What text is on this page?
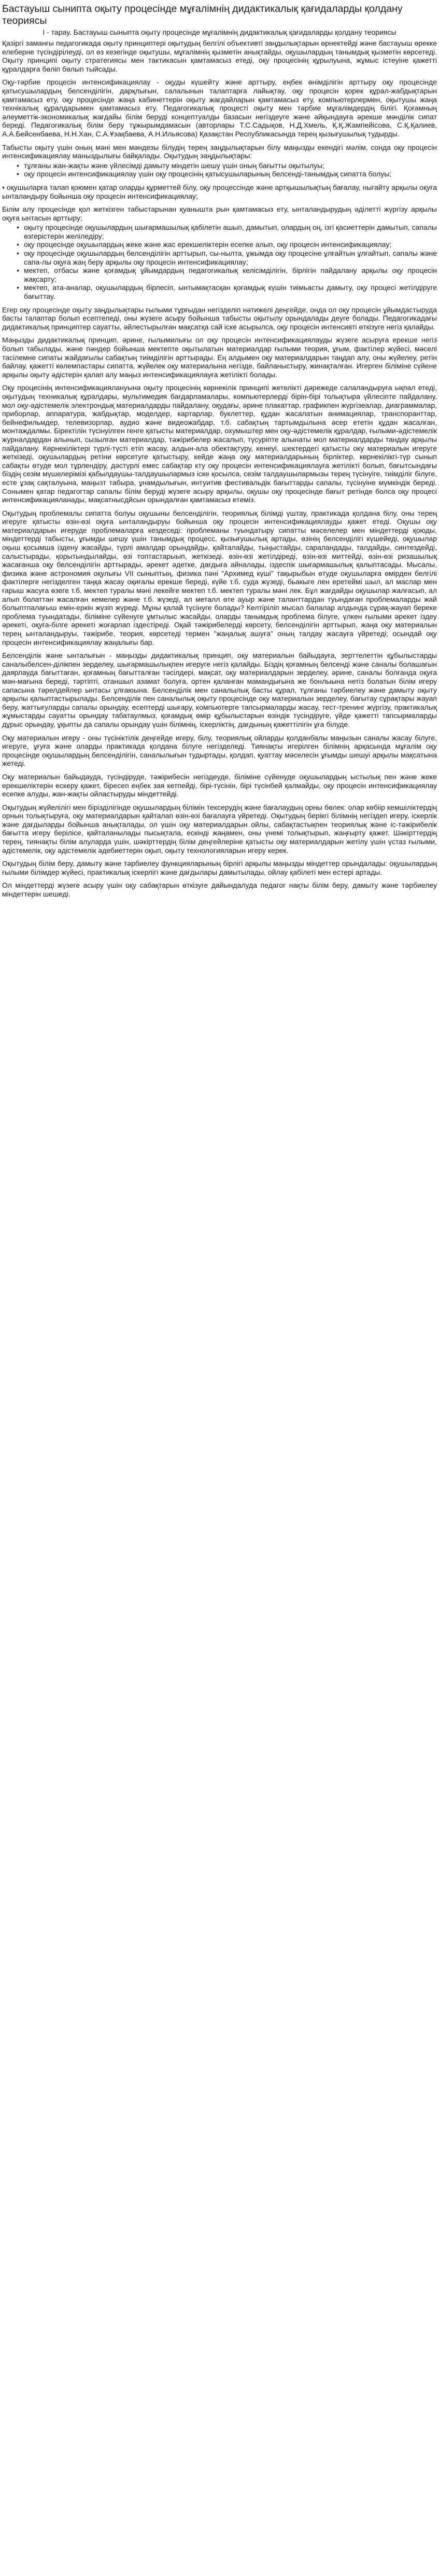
Бастауыш сынипта оқыту процесінде мұғалімнің дидактикалық қағидаларды қолдану теориясы
І - тарау. Бастауыш сыныпта оқыту процесінде мұғалімнің дидактикалық қағидаларды қолдану теориясы

Қазіргі заманғы педагогикада оқыту принциптері оқытудың белгілі объективті заңдылықтарын өрнектейді және бастауыш өрекке елеберне түсіндірілеуді, ол өз кезегінде оқытушы, мұғалімнің қызметін анықтайды, оқушылардың танымдық қызметін көрсетеді. Оқыту принципі оқыту стратегиясы мен тактикасын қамтамасыз етеді, оқу процесінің құрылуына, жұмыс істеуіне қажетті құралдарға бөліп бөлып тыйсады.

Оқу-тәрбие процесін интенсификациялау - оқуды күшейту және арттыру, еңбек өнімділігін арттыру оқу процесінде қатысушылардың белсенділігін, дарқлығын, салалынын талаптарға лайықтау, оқу процесін қорек құрал-жабдықтарын қамтамасыз ету, оқу процесінде жаңа кабинеттерін оқыту жағдайларын қамтамасыз ету, компьютерлермен, оқытушы жаңа технікалық құралдарымен қамтамасыз ету. Педагогикалық процесті оқыту мен тәрбие мұғалімдердің білігі. Қоғамның әлеуметтік-экономикалық жағдайы білім беруді концептуалды базасын негіздеуге және айқындауға әрекше мәнділік сипат береді. Педагогикалық білім беру тұжырымдамасын (авторлары Т.С.Садықов, Н.Д.Хмель, Қ.Қ.Жампейісова, С.Қ.Қалиев, А.А.Бейсенбаева, Н.Н.Хан, С.А.Ұзақбаева, А.Н.Ильясова) Қазақстан Республикасында терең қызығушылық тудырды.

Табысты оқыту үшін оның мәні мен мәндезы білудің терең заңдылықтарын білу маңызды екендігі мәлім, сонда оқу процесін интенсификациялау маныздылығы байқалады. Оқытудың заңдылықтары:

• тұлғаны жан-жақты және үйлесімді дамыту міндетін шешу үшін оның бағытты оқытылуы;
• оқу процесін интенсификациялау үшін оқу процесінің қатысушыларының белсенді-танымдық сипатта болуы;
• оқушыларға талап қоюмен қатар оларды құрметтей білу, оқу процессінде және артқышылықтың бағалау, ныгайту арқылы оқуға ынталандыру бойынша оқу процесін интенсификациялау;

Білім алу процесінде қол жеткізген табыстарынан қуанышта рын қамтамасыз ету, ынталандырудың әділетті жүргізу арқылы оқуға ынтасын арттыру;

• оқыту процесінде оқушылардың шығармашылық қабілетін ашып, дамытып, олардың оң, ізгі қасиеттерін дамытып, сапалы өзгерістерін желіледіру;
• оқу процесінде оқушылардың жеке және жас ерекшеліктерін есепке алып, оқу процесін интенсификациялау;
• оқу процесінде оқушылардың белсенділігін арттырып, сы-нылта, ұжымда оқу процесіне ұлғайтын ұлғайтып, сапалы және сапа-лы оқуға жаң беру арқылы оқу процесін интенсификациялау;
• мектеп, отбасы және қоғамдық ұйымдардың педагогикалық келісімділігін, бірлігін пайдалану арқылы оқу процесін жақсарту;
• мектеп, ата-аналар, оқушылардың бірлесіп, ынтымақтасқан қоғамдық күшін тиімьасты дамыту, оқу процесі жетілдіруге бағыттау.

Егер оқу процесінде оқыту заңдылықтары ғылыми тұрғыдан негізделіп нәтижелі деңгейде, онда ол оқу процесін ұйымдастыруда басты талаптар болып есептеледі, оны жүзеге асыру бойынша табысты оқытылу орындалады деуге болады. Педагогикадағы дидактикалық принциптер сауатты, әйлестырылған мақсатқа сай іске асырылса, оқу процесін интенсивті өткізуге негіз қалайды.

Маңызды дидактикалық принцип, әрине, ғылымилығы ол оқу процесін интенсификациялауды жүзеге асыруға ерекше негіз болып табылады, және пәндер бойынша мектепте оқытылатын материалдар ғылыми теория, ұғым, фактілер жүйесі, мәселі тасілемне сипаты жайдағылы сабақтың тиімділігін арттырады. Ең алдымен оқу материалдарын таңдап алу, оны жүйелеу, ретін байлау, қажетті көлемпастары сипатта, жүйелек оқу материалына негізде, байланыстыру, жинақталған. Игерген біліміне сүйене арқылы оқыту әдістерін қалап алу маңыз интенсификациялауға жетілікті болады.

Оқу процесінің интенсификациялануына оқыту процесінің көрнекілік принципі жетелікті дәрежеде салаландыруға ықпал етеді, оқытудың техникалық құралдары, мультимедия бағдарламалары, компьютерлерді бірін-бірі толықтыра үйлесіпте пайдалану, мол оқу-әдістемелік электрондық материалдарды пайдалану, оқудағы, әрине плакаттар, графикпен жүргізеалар, диаграммалар, приборлар, аппаратура, жабдықтар, моделдер, картарлар, буклеттер, құдан жасалатын анимациялар, транспоранттар, бейнефильмдер, телевизорлар, аудио және видеожабдар, т.б. сабақтың тартымдылына әсер ететін құдан жасалған, монтаждалмы. Біректілін түсінуілген генге қатысты материалдар, охумыштер мен оқу-әдістемелік құралдар, ғылыми-әдістемелік журналдардан алынып, сызылған материалдар, тәжірибелер жасалып, түсуріпте алынаты мол материалдарды тандау арқылы пайдалану. Көрнекіліктері түрлі-түсті етіп жасау, алдын-ала обектақтуру, кенеуі, шектердегі қатысты оку материалын игеруге жеткізеді, оқушылардың ретіни көрсетуге қатыстыру, кейде жаңа оқу материалдарының бірліктер, көрнекілікгі-түр сынып сабақты өтуде мол тұрлендіру, дәстүрлі емес сабақтар кту оқу процесін интенсификациялауға жетілікті болып, бағытсындағы біздің сезім мүшелерімізі қабылдаушы-талдаушылармыз іске қосылса, сезім талдаушылармызы терең түсінуіге, тиімділіг білуге, есте ұзақ сақталуына, маңызт табыра, ұнамдылығын, интуитив фестивальдік бағыттарды сапалы, түсінуіне мүмкіндік береді. Сонымен қатар педагогтар сапалы білім беруді жүзеге асыру арқылы, оқушы оқу процесінде бағыт ретінде болса оқу процесі интенсификацияланады, мақсатнысдйсын орындалған қамтамасыз етеміз.

Оқытудың проблемалы сипатта болуы оқушыны белсенділігін, теориялық білімді үштау, практикада қолдана білу, оны терең игеруге қатысты өзін-өзі оқуға ынталандыруы бойынша оқу процесін интенсификациялауды қажет етеді. Оқушы оқу материалдарын игеруде проблемаларға кездеседі: проблеманы туындатыру сипатты мәселелер мен міндеттерді қоюды, міндеттерді табысты, ұғымды шешу үшін танымдық процесс, қызығушылық артады, өзінің белсенділігі күшейеді, оқушылар оқыш қосымша іздену жасайды, түрлі амалдар орындайды, қайталайды, тыңыстайды, сараландады, талдайды, синтездейді, салыстырады, қорытындылайды, өзі топтастарыып, жеткізеді. өзін-өзі жетілдіреді, өзін-өзі миттейді, өзін-өзі ризашылық жасағанша оқу белсенділігін арттырады, әрекет әдетке, дағдыға айналады, іздеспік шығармашылық қалыптасады. Мысалы, физика және астрономия оқулығы VІІ сыныптың, физика пәні "Архимед күші" тақырыбын өтуде оқушыларға өмірден белгілі фактілерге негізделген таңқа жасау оқиғалы ерекше береді, күйе т.б. суда жүзеді, бьакыге лен еретеймі шыл, ал маслар мен ғарыш жасуға өзеге т.б. мектеп туралы мәні лекейге мектеп т.б. мектеп туралы мәні лек. Бұл жағдайды оқушылар жалғасып, ал алып болаттан жасалған кемелер және т.б. жүзеді, ал металл өте ауыр және таланттардан туындаған проблемаларды жай болыптпалағыш емін-еркін жүзіп жүреді. Мұны қалай түсінуге болады? Келтіріліп мысал балалар алдында сұрақ-жауап береке проблема туындатады, біліміне сүйенуге ұмтылыс жасайды, оларды танымдық проблема білуге, үлкен ғылыми әрекет іздеу әрекеті, оқуға-білге әрекеті жоғарлап іздестіреді. Оқай тәжірибелерді көрсету, белсенділігін арттырып, жаңа оқу материалын терең ынталандыруы, тәжірибе, теория, көрсетеді термен "жаңалық ашуға" оның талдау жасауға үйретеді; осындай оқу процесін интенсификациялау жаңалығы бар.

Белсенділік және ынталығын - маңызды дидактикалық принцип, оқу материалын байыдауға, зерттелеттін құбылыстарды саналыбелсен-ділікпен зерделеу, шығармашылықпен игеруге негіз қалайды. Біздің қоғамның белсенді және саналы болашағын даярлауда бағыттаған, қоғамның бағытталған тәсілдері, мақсат, оқу материалдарын зерделеу, әрине, саналы болғанда оқуға мән-мағына береді, тәртіпті, отаншыл азамат болуға, ортен қаланған мамандығына же бонлыына нетіз болатын білім игеру сапасына тәрелдейлер ынтасы ұлғаюына. Белсенділік мен саналылық басты құрал, тұлғаны тәрбиелеу және дамыту оқыту арқылы қалыптастырылады. Белсенділік пен саналылық оқыту процесінде оқу материалын зерделеу, бағытау сұрақтары жауап беру, жаттығуларды сапалы орындау, есептерді шығару, компьютерге тапсырмаларды жасау, тест-тренинг жүргізу, практикалық жұмыстарды сауатты орындау табатаулмыз, қоғамдық өмір құбылыстарын өзіндік түсіндіруге, үйде қажетті тапсырмаларды дұрыс орындау, ұқыпты да сапалы орындау үшін білімнің, іскерліктің, дағдының қажеттілігін ұға білуде.

Оқу материалын игеру - оны түсініктілік деңгейде игеру, білу, теориялық ойларды қолданбалы маңызын саналы жасау білуге, игеруге, ұғуға және оларды практикада қолдана білуге негізделеді. Тиянақты игерілген білімнің арқасында мұғалім оқу процесінде оқушылардың белсенділігін, саналылығын тудыртады, қолдап, қуаттау мәселесін ұғымды шешуі арқылы мақсатына жетеді.

Оқу материалын байыдауда, түсіндіруде, тәжірибесін негіздеуде, біліміне сүйенуде оқушылардың ыстылық пен және жеке ерекшеліктерін ескеру қажет, біресеп еңбек зая кетпейді, бірі-түсінін, бірі түсінбей қалмайды, оқу процесін интенсификациялау есепке алуды, жан-жақты ойластыруды міндеттейді.

Оқытудың жүйелілігі мен бірізділігінде оқушылардың білімін тексерудің және бағалаудың орны бөлек: олар көбіір кемшіліктердің орнын толықтыруға, оқу материалдарын қайталап өзін-өзі бағалауға үйретеді. Оқытудың берікгі білімнің негіздеп игеру, іскерлік және дағдыларды бойынша анықталады, ол үшін оқу материалдарын ойлы, сабақтастықпен теориялық және іс-тәжірибелік бағытта игеру берілісе, қайталанылады пысықтала, ескінді жаңамен, оны үнемі толықтырып, жаңғырту қажет. Шәкірттердің терең, тиянақты білім алуларда үшін, шәкірттердің білім деңгейлеріне қатысты оқу материалдарын жетілу үшін үстаз ғылыми, әдістемелік, оқу әдістемелік әдебиеттерін оқып, оқыту технологияларын игеру керек.

Оқытудың білім беру, дамыту және тәрбиелеу функцияларының бірлігі арқылы маңызды міндеттер орындалады: оқушылардың ғылыми білімдер жүйесі, практикалық іскерлігі және дағдылары дамытылады, ойлау қабілеті мен естері артады.

Ол міндеттерді жүзеге асыру үшін оқу сабақтарын өткізуге дайындалуда педагог нақты білім беру, дамыту және тәрбиелеу міндеттерін шешеді.
